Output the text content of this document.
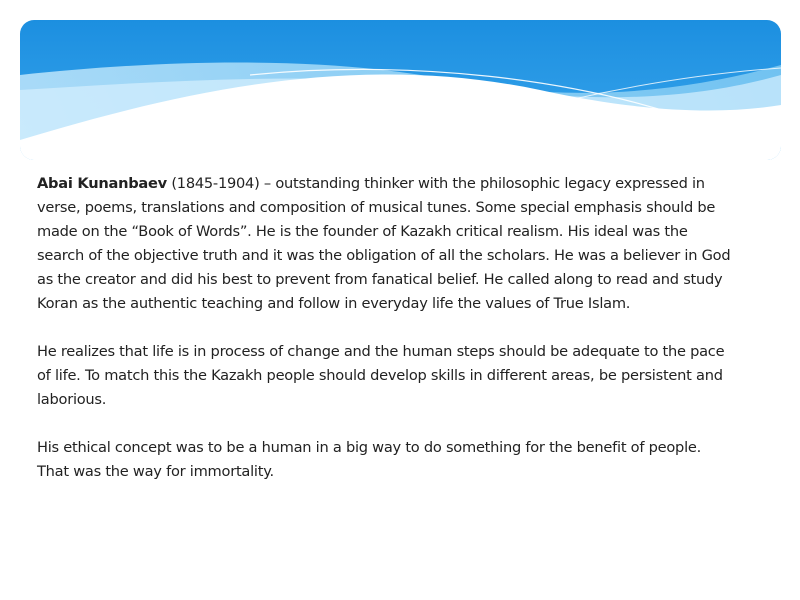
Abai Kunanbaev (1845-1904) – outstanding thinker with the philosophic legacy expressed in verse, poems, translations and composition of musical tunes. Some special emphasis should be made on the “Book of Words”. He is the founder of Kazakh critical realism. His ideal was the search of the objective truth and it was the obligation of all the scholars. He was a believer in God as the creator and did his best to prevent from fanatical belief. He called along to read and study Koran as the authentic teaching and follow in everyday life the values of True Islam.

He realizes that life is in process of change and the human steps should be adequate to the pace of life. To match this the Kazakh people should develop skills in different areas, be persistent and laborious.

His ethical concept was to be a human in a big way to do something for the benefit of people. That was the way for immortality.
